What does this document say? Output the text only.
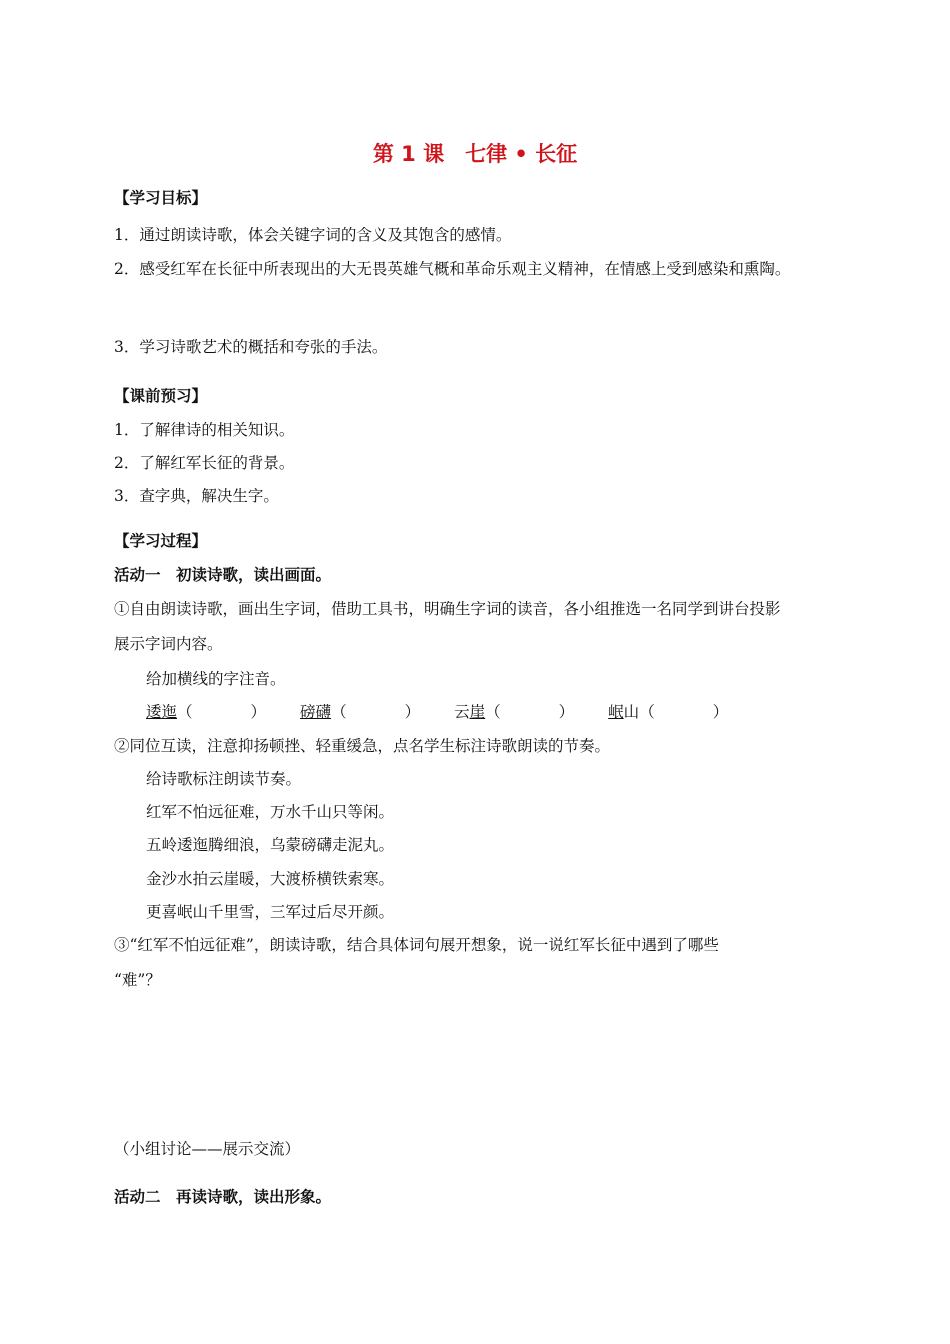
第 1 课　七律 • 长征
【学习目标】
1．通过朗读诗歌，体会关键字词的含义及其饱含的感情。
2．感受红军在长征中所表现出的大无畏英雄气概和革命乐观主义精神，在情感上受到感染和熏陶。
3．学习诗歌艺术的概括和夸张的手法。
【课前预习】
1．了解律诗的相关知识。
2．了解红军长征的背景。
3．查字典，解决生字。
【学习过程】
活动一　初读诗歌，读出画面。
①自由朗读诗歌，画出生字词，借助工具书，明确生字词的读音，各小组推选一名同学到讲台投影
展示字词内容。
给加横线的字注音。
逶迤（	） 磅礴（	） 云崖（	） 岷山（	）
②同位互读，注意抑扬顿挫、轻重缓急，点名学生标注诗歌朗读的节奏。
给诗歌标注朗读节奏。
红军不怕远征难，万水千山只等闲。
五岭逶迤腾细浪，乌蒙磅礴走泥丸。
金沙水拍云崖暖，大渡桥横铁索寒。
更喜岷山千里雪，三军过后尽开颜。
③“红军不怕远征难”，朗读诗歌，结合具体词句展开想象，说一说红军长征中遇到了哪些
“难”？
（小组讨论——展示交流）
活动二　再读诗歌，读出形象。
